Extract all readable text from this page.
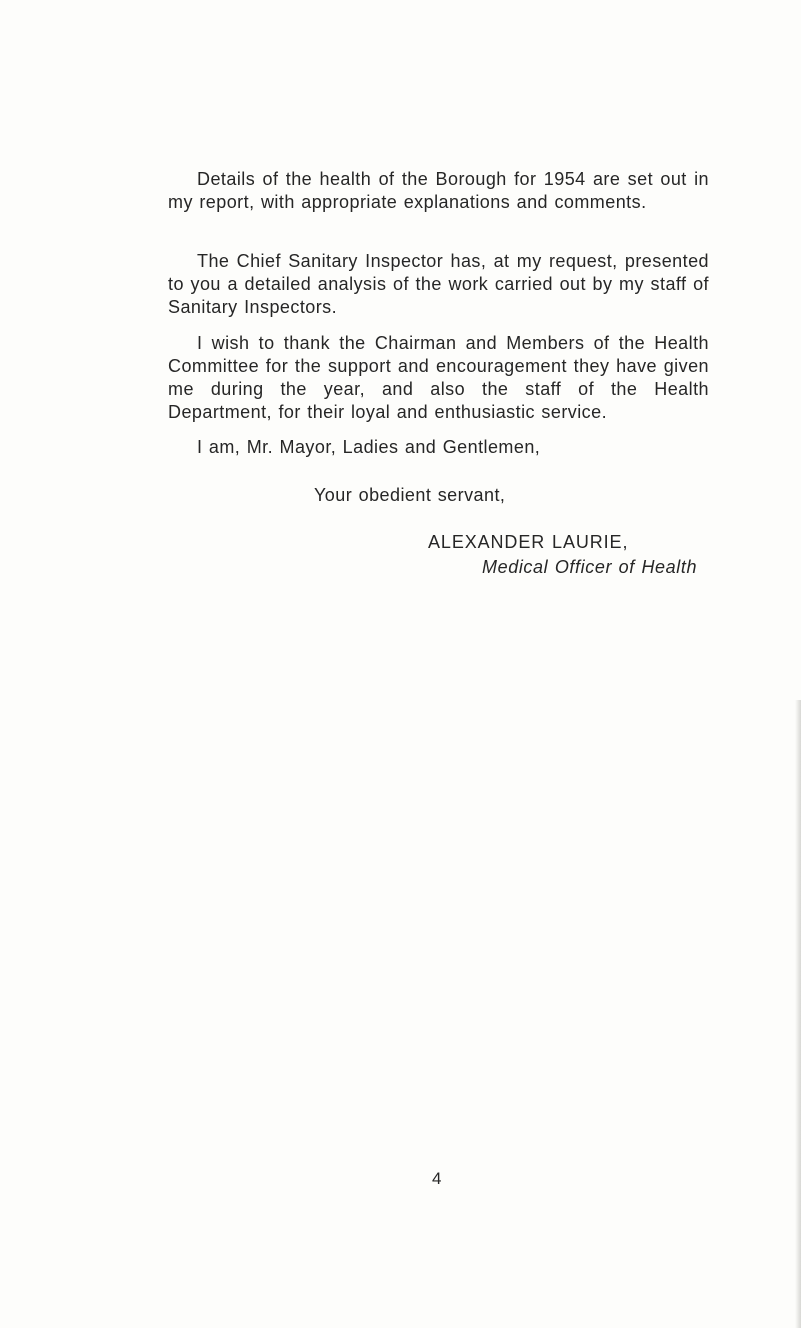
Details of the health of the Borough for 1954 are set out in my report, with appropriate explanations and comments.

The Chief Sanitary Inspector has, at my request, presented to you a detailed analysis of the work carried out by my staff of Sanitary Inspectors.

I wish to thank the Chairman and Members of the Health Committee for the support and encouragement they have given me during the year, and also the staff of the Health Department, for their loyal and enthusiastic service.

I am, Mr. Mayor, Ladies and Gentlemen,

Your obedient servant,

ALEXANDER LAURIE,

Medical Officer of Health

4
